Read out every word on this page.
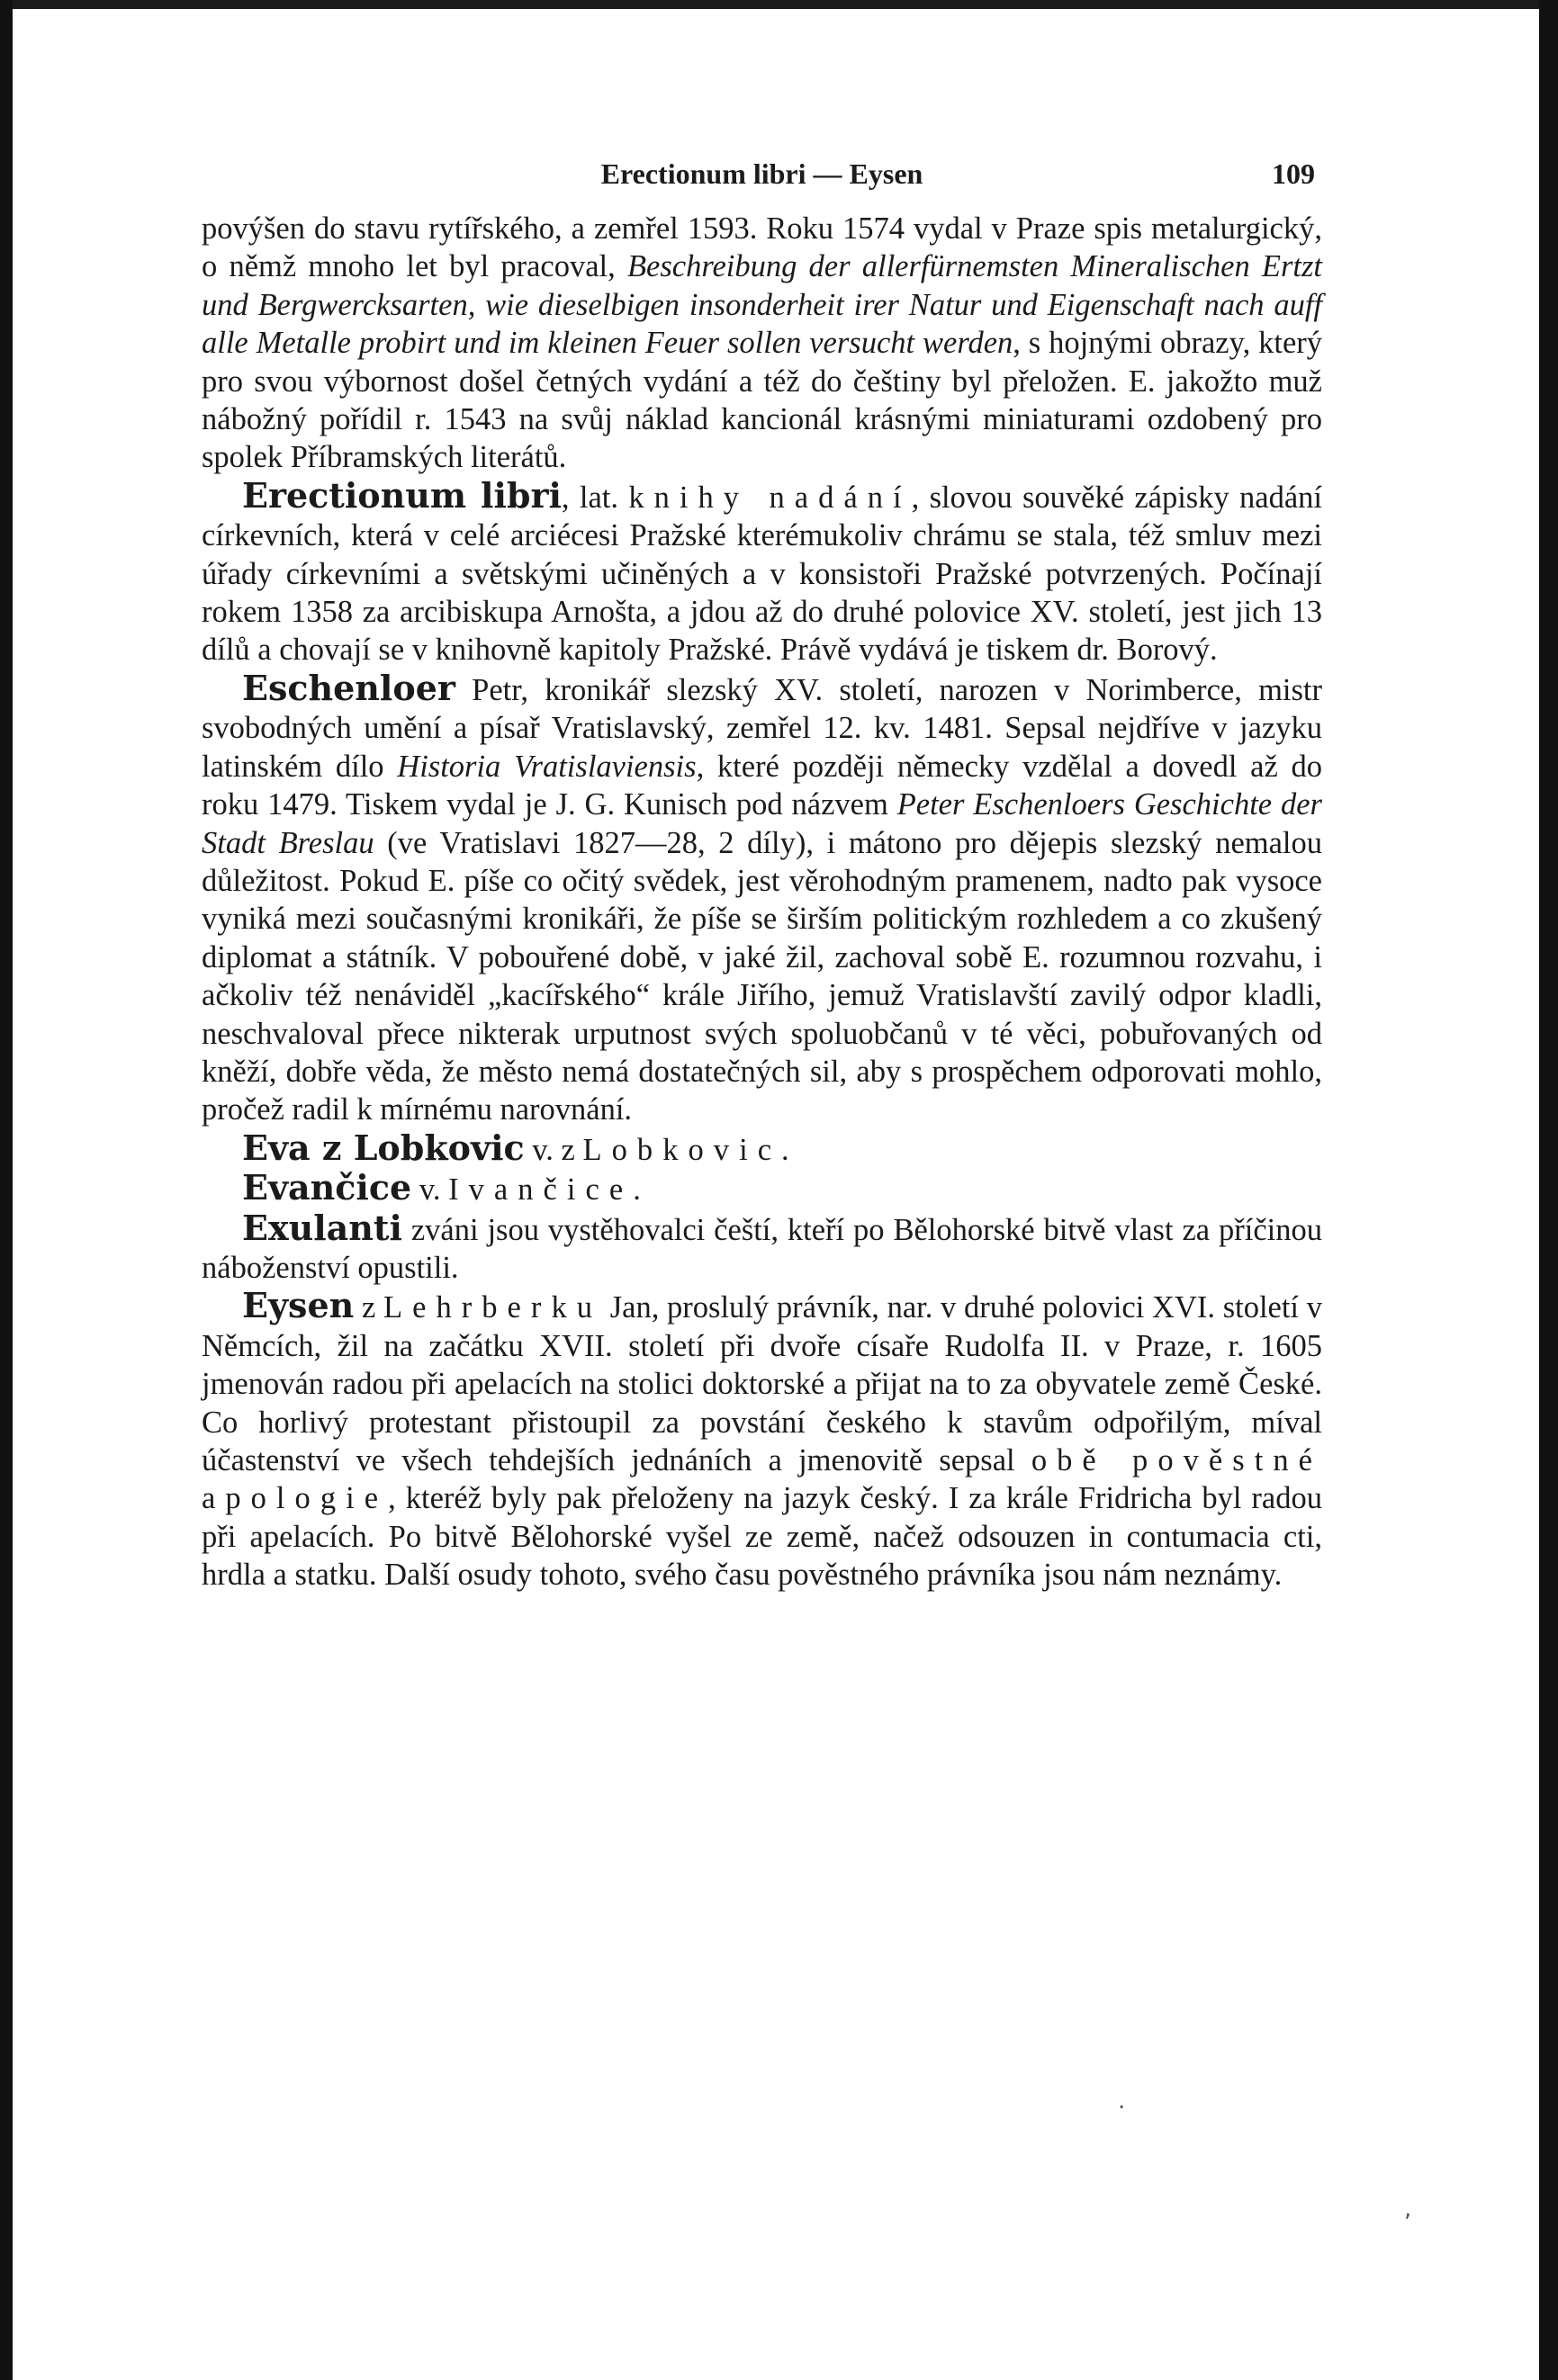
Erectionum libri — Eysen	109

povýšen do stavu rytířského, a zemřel 1593. Roku 1574 vydal v Praze spis metalurgický, o němž mnoho let byl pracoval, Beschreibung der allerfürnemsten Mineralischen Ertzt und Bergwercksarten, wie dieselbigen insonderheit irer Natur und Eigenschaft nach auff alle Metalle probirt und im kleinen Feuer sollen versucht werden, s hojnými obrazy, který pro svou výbornost došel četných vydání a též do češtiny byl přeložen. E. jakožto muž nábožný pořídil r. 1543 na svůj náklad kancionál krásnými miniaturami ozdobený pro spolek Příbramských literátů.

Erectionum libri, lat. knihy nadání, slovou souvěké zápisky nadání církevních, která v celé arciécesi Pražské kterémukoliv chrámu se stala, též smluv mezi úřady církevními a světskými učiněných a v konsistoři Pražské potvrzených. Počínají rokem 1358 za arcibiskupa Arnošta, a jdou až do druhé polovice XV. století, jest jich 13 dílů a chovají se v knihovně kapitoly Pražské. Právě vydává je tiskem dr. Borový.

Eschenloer Petr, kronikář slezský XV. století, narozen v Norimberce, mistr svobodných umění a písař Vratislavský, zemřel 12. kv. 1481. Sepsal nejdříve v jazyku latinském dílo Historia Vratislaviensis, které později německy vzdělal a dovedl až do roku 1479. Tiskem vydal je J. G. Kunisch pod názvem Peter Eschenloers Geschichte der Stadt Breslau (ve Vratislavi 1827—28, 2 díly), i mátono pro dějepis slezský nemalou důležitost. Pokud E. píše co očitý svědek, jest věrohodným pramenem, nadto pak vysoce vyniká mezi současnými kronikáři, že píše se širším politickým rozhledem a co zkušený diplomat a státník. V pobouřené době, v jaké žil, zachoval sobě E. rozumnou rozvahu, i ačkoliv též nenáviděl „kacířského“ krále Jiřího, jemuž Vratislavští zavilý odpor kladli, neschvaloval přece nikterak urputnost svých spoluobčanů v té věci, pobuřovaných od kněží, dobře věda, že město nemá dostatečných sil, aby s prospěchem odporovati mohlo, pročež radil k mírnému narovnání.

Eva z Lobkovic v. z Lobkovic.

Evančice v. Ivančice.

Exulanti zváni jsou vystěhovalci čeští, kteří po Bělohorské bitvě vlast za příčinou náboženství opustili.

Eysen z Lehrberku Jan, proslulý právník, nar. v druhé polovici XVI. století v Němcích, žil na začátku XVII. století při dvoře císaře Rudolfa II. v Praze, r. 1605 jmenován radou při apelacích na stolici doktorské a přijat na to za obyvatele země České. Co horlivý protestant přistoupil za povstání českého k stavům odpořilým, míval účastenství ve všech tehdejších jednáních a jmenovitě sepsal obě pověstné apologie, kteréž byly pak přeloženy na jazyk český. I za krále Fridricha byl radou při apelacích. Po bitvě Bělohorské vyšel ze země, načež odsouzen in contumacia cti, hrdla a statku. Další osudy tohoto, svého času pověstného právníka jsou nám neznámy.

.
,
